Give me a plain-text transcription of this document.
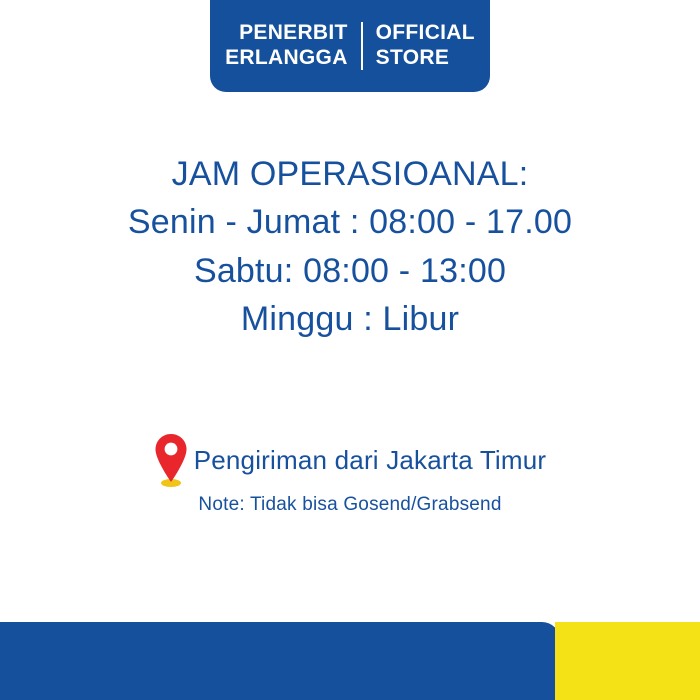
PENERBIT
ERLANGGA
OFFICIAL
STORE
JAM OPERASIOANAL:
Senin - Jumat : 08:00 - 17.00
Sabtu: 08:00 - 13:00
Minggu : Libur
Pengiriman dari Jakarta Timur
Note: Tidak bisa Gosend/Grabsend
